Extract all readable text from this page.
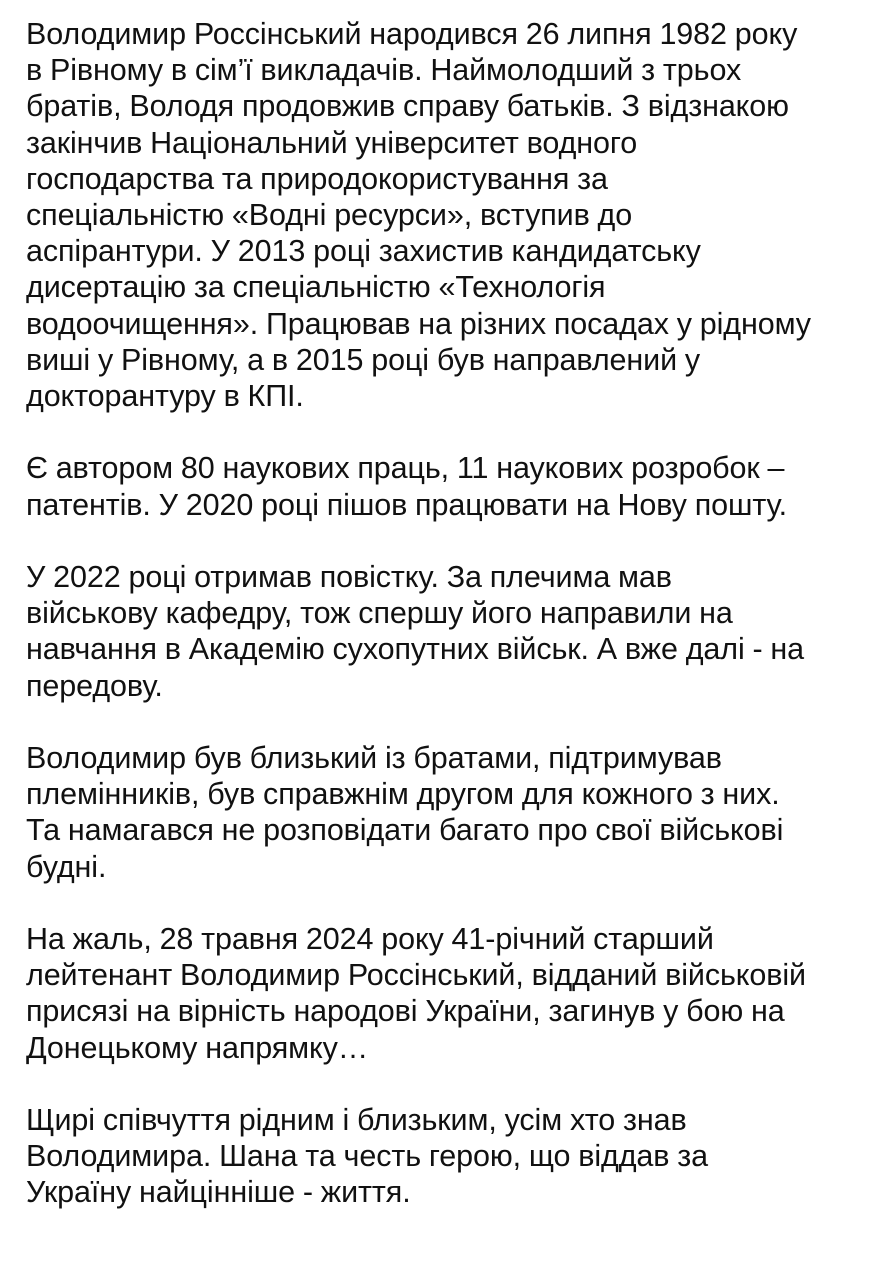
Володимир Россінський народився 26 липня 1982 року
в Рівному в сім’ї викладачів. Наймолодший з трьох
братів, Володя продовжив справу батьків. З відзнакою
закінчив Національний університет водного
господарства та природокористування за
спеціальністю «Водні ресурси», вступив до
аспірантури. У 2013 році захистив кандидатську
дисертацію за спеціальністю «Технологія
водоочищення». Працював на різних посадах у рідному
виші у Рівному, а в 2015 році був направлений у
докторантуру в КПІ.

Є автором 80 наукових праць, 11 наукових розробок –
патентів. У 2020 році пішов працювати на Нову пошту.

У 2022 році отримав повістку. За плечима мав
військову кафедру, тож спершу його направили на
навчання в Академію сухопутних військ. А вже далі - на
передову.

Володимир був близький із братами, підтримував
племінників, був справжнім другом для кожного з них.
Та намагався не розповідати багато про свої військові
будні.

На жаль, 28 травня 2024 року 41-річний старший
лейтенант Володимир Россінський, відданий військовій
присязі на вірність народові України, загинув у бою на
Донецькому напрямку…

Щирі співчуття рідним і близьким, усім хто знав
Володимира. Шана та честь герою, що віддав за
Україну найцінніше - життя.
